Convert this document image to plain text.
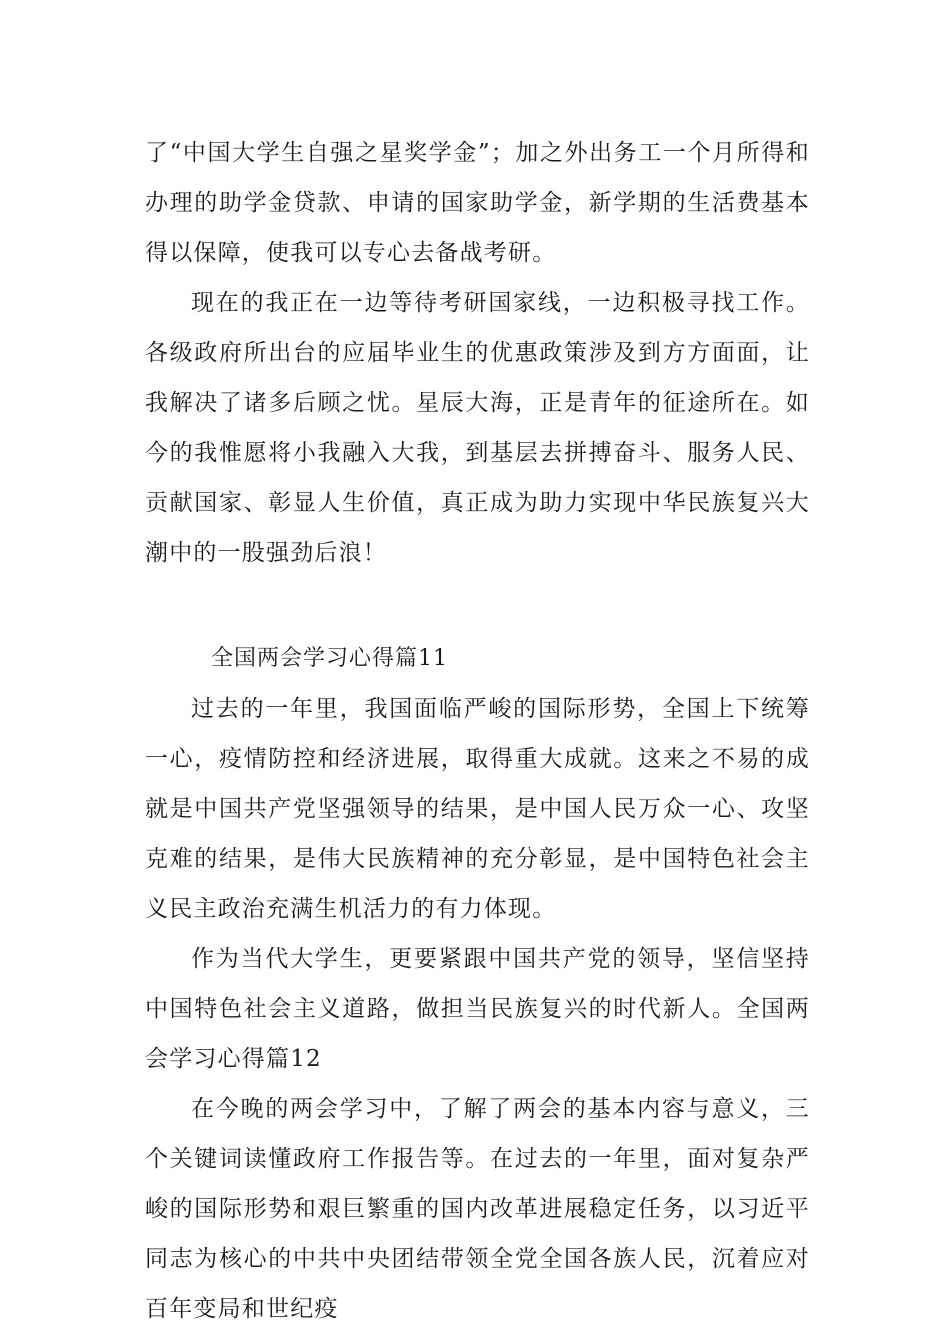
了“中国大学生自强之星奖学金”；加之外出务工一个月所得和办理的助学金贷款、申请的国家助学金，新学期的生活费基本得以保障，使我可以专心去备战考研。

现在的我正在一边等待考研国家线，一边积极寻找工作。各级政府所出台的应届毕业生的优惠政策涉及到方方面面，让我解决了诸多后顾之忧。星辰大海，正是青年的征途所在。如今的我惟愿将小我融入大我，到基层去拼搏奋斗、服务人民、贡献国家、彰显人生价值，真正成为助力实现中华民族复兴大潮中的一股强劲后浪！

全国两会学习心得篇11

过去的一年里，我国面临严峻的国际形势，全国上下统筹一心，疫情防控和经济进展，取得重大成就。这来之不易的成就是中国共产党坚强领导的结果，是中国人民万众一心、攻坚克难的结果，是伟大民族精神的充分彰显，是中国特色社会主义民主政治充满生机活力的有力体现。

作为当代大学生，更要紧跟中国共产党的领导，坚信坚持中国特色社会主义道路，做担当民族复兴的时代新人。全国两会学习心得篇12

在今晚的两会学习中，了解了两会的基本内容与意义，三个关键词读懂政府工作报告等。在过去的一年里，面对复杂严峻的国际形势和艰巨繁重的国内改革进展稳定任务，以习近平同志为核心的中共中央团结带领全党全国各族人民，沉着应对百年变局和世纪疫
